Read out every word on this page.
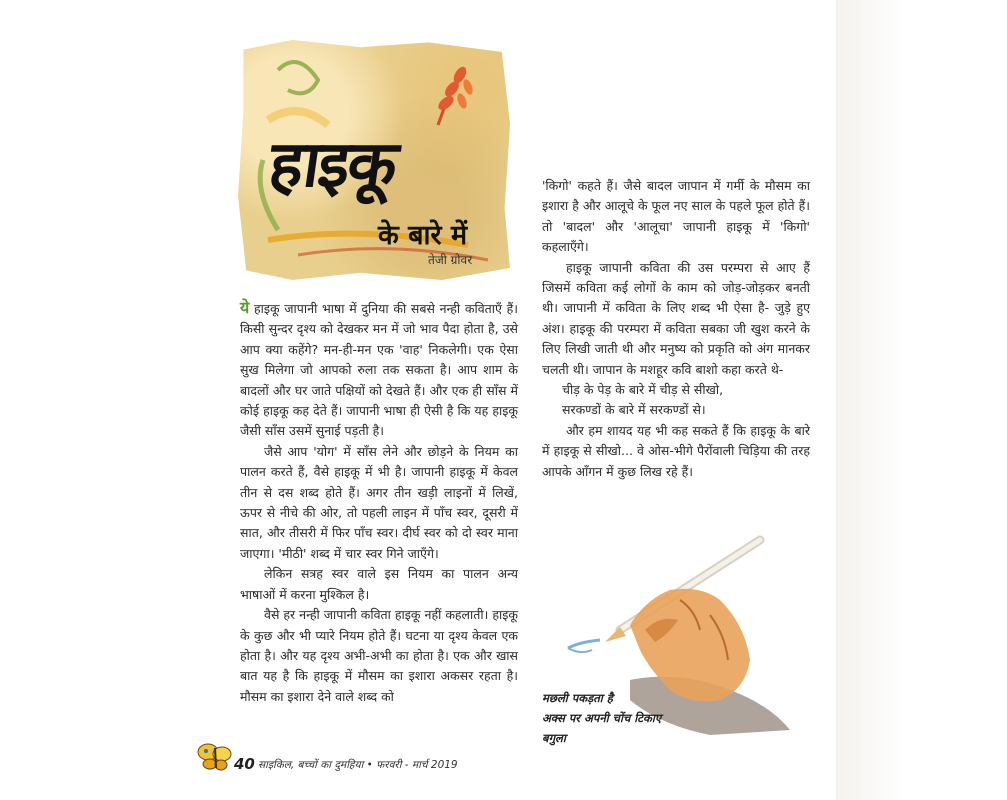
हाइकू
के बारे में
तेजी ग्रोवर

ये हाइकू जापानी भाषा में दुनिया की सबसे नन्ही कविताएँ हैं। किसी सुन्दर दृश्य को देखकर मन में जो भाव पैदा होता है, उसे आप क्या कहेंगे? मन-ही-मन एक 'वाह' निकलेगी। एक ऐसा सुख मिलेगा जो आपको रुला तक सकता है। आप शाम के बादलों और घर जाते पक्षियों को देखते हैं। और एक ही साँस में कोई हाइकू कह देते हैं। जापानी भाषा ही ऐसी है कि यह हाइकू जैसी साँस उसमें सुनाई पड़ती है।

जैसे आप 'योग' में साँस लेने और छोड़ने के नियम का पालन करते हैं, वैसे हाइकू में भी है। जापानी हाइकू में केवल तीन से दस शब्द होते हैं। अगर तीन खड़ी लाइनों में लिखें, ऊपर से नीचे की ओर, तो पहली लाइन में पाँच स्वर, दूसरी में सात, और तीसरी में फिर पाँच स्वर। दीर्घ स्वर को दो स्वर माना जाएगा। 'मीठी' शब्द में चार स्वर गिने जाएँगे।

लेकिन सत्रह स्वर वाले इस नियम का पालन अन्य भाषाओं में करना मुश्किल है।

वैसे हर नन्ही जापानी कविता हाइकू नहीं कहलाती। हाइकू के कुछ और भी प्यारे नियम होते हैं। घटना या दृश्य केवल एक होता है। और यह दृश्य अभी-अभी का होता है। एक और खास बात यह है कि हाइकू में मौसम का इशारा अकसर रहता है। मौसम का इशारा देने वाले शब्द को

'किगो' कहते हैं। जैसे बादल जापान में गर्मी के मौसम का इशारा है और आलूचे के फूल नए साल के पहले फूल होते हैं। तो 'बादल' और 'आलूचा' जापानी हाइकू में 'किगो' कहलाएँगे।

हाइकू जापानी कविता की उस परम्परा से आए हैं जिसमें कविता कई लोगों के काम को जोड़-जोड़कर बनती थी। जापानी में कविता के लिए शब्द भी ऐसा है- जुड़े हुए अंश। हाइकू की परम्परा में कविता सबका जी खुश करने के लिए लिखी जाती थी और मनुष्य को प्रकृति को अंग मानकर चलती थी। जापान के मशहूर कवि बाशो कहा करते थे-

चीड़ के पेड़ के बारे में चीड़ से सीखो,

सरकण्डों के बारे में सरकण्डों से।

और हम शायद यह भी कह सकते हैं कि हाइकू के बारे में हाइकू से सीखो... वे ओस-भीगे पैरोंवाली चिड़िया की तरह आपके आँगन में कुछ लिख रहे हैं।

मछली पकड़ता है
अक्स पर अपनी चोंच टिकाए
बगुला
40 साइकिल, बच्चों का दुमहिया • फरवरी - मार्च 2019
